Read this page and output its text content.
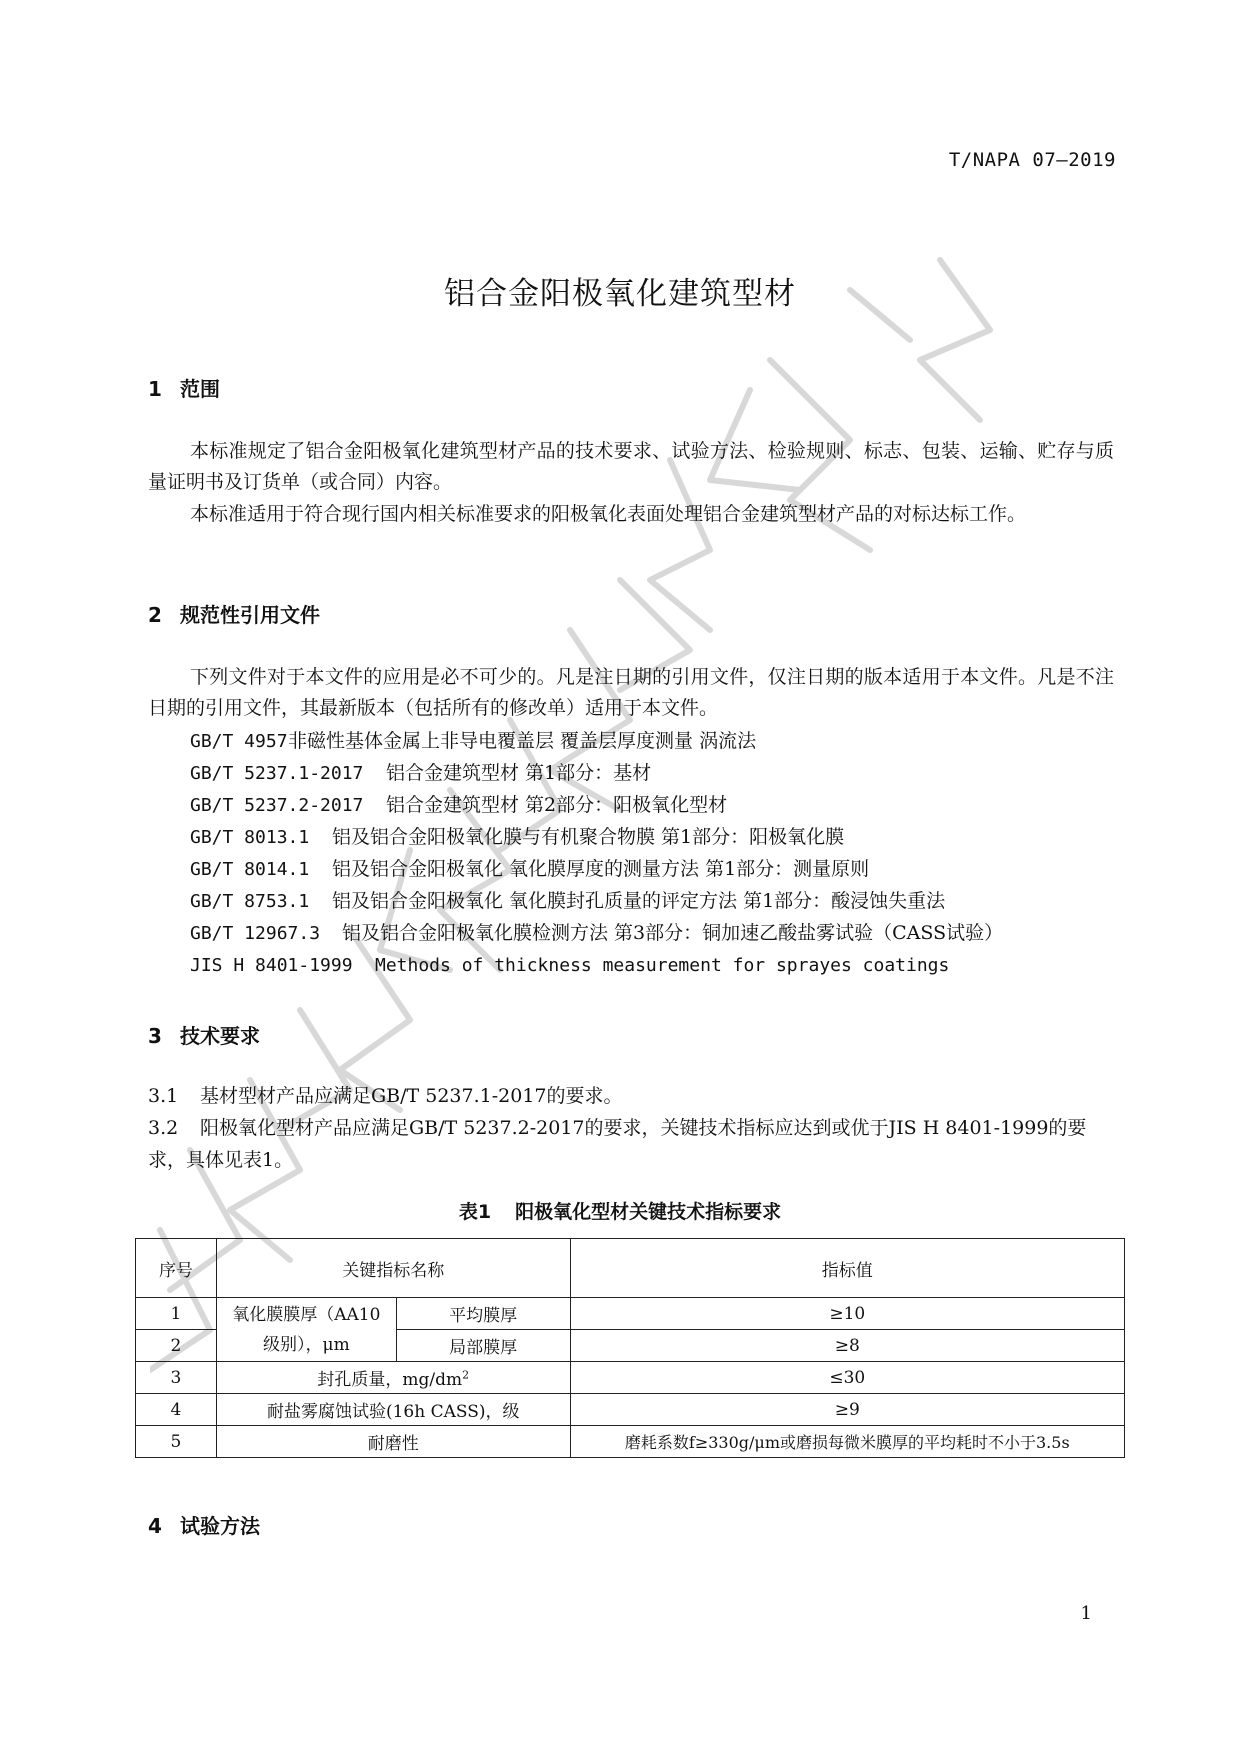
T/NAPA 07—2019
铝合金阳极氧化建筑型材
1 范围
本标准规定了铝合金阳极氧化建筑型材产品的技术要求、试验方法、检验规则、标志、包装、运输、贮存与质量证明书及订货单（或合同）内容。
本标准适用于符合现行国内相关标准要求的阳极氧化表面处理铝合金建筑型材产品的对标达标工作。
2 规范性引用文件
下列文件对于本文件的应用是必不可少的。凡是注日期的引用文件，仅注日期的版本适用于本文件。凡是不注日期的引用文件，其最新版本（包括所有的修改单）适用于本文件。
GB/T 4957非磁性基体金属上非导电覆盖层 覆盖层厚度测量 涡流法
GB/T 5237.1-2017 铝合金建筑型材 第1部分：基材
GB/T 5237.2-2017 铝合金建筑型材 第2部分：阳极氧化型材
GB/T 8013.1 铝及铝合金阳极氧化膜与有机聚合物膜 第1部分：阳极氧化膜
GB/T 8014.1 铝及铝合金阳极氧化 氧化膜厚度的测量方法 第1部分：测量原则
GB/T 8753.1 铝及铝合金阳极氧化 氧化膜封孔质量的评定方法 第1部分：酸浸蚀失重法
GB/T 12967.3 铝及铝合金阳极氧化膜检测方法 第3部分：铜加速乙酸盐雾试验（CASS试验）
JIS H 8401-1999 Methods of thickness measurement for sprayes coatings
3 技术要求
3.1 基材型材产品应满足GB/T 5237.1-2017的要求。
3.2 阳极氧化型材产品应满足GB/T 5237.2-2017的要求，关键技术指标应达到或优于JIS H 8401-1999的要求，具体见表1。
表1 阳极氧化型材关键技术指标要求
序号	关键指标名称		指标值
1	氧化膜膜厚（AA10级别），μm	平均膜厚	≥10
2		局部膜厚	≥8
3	封孔质量，$mg/dm^2$		≤30
4	耐盐雾腐蚀试验(16h CASS)，级		≥9
5	耐磨性		磨耗系数f≥330g/μm或磨损每微米膜厚的平均耗时不小于3.5s
4 试验方法
1
